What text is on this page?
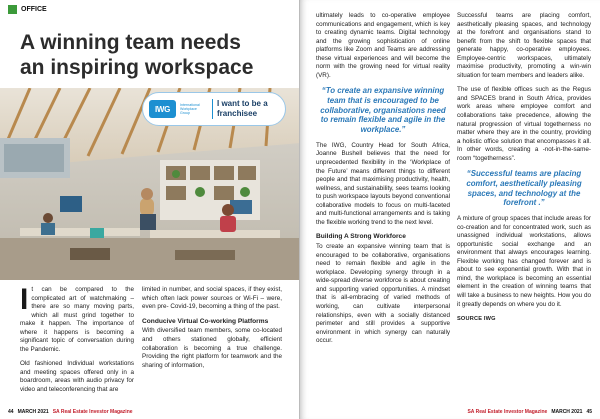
OFFICE
A winning team needs
an inspiring workspace
IWG	International
Workplace
Group
I want to be a
franchisee

It can be compared to the complicated art of watchmaking – there are so many moving parts, which all must grind together to make it happen. The importance of where it happens is becoming a significant topic of conversation during the Pandemic.

Old fashioned Individual workstations and meeting spaces offered only in a boardroom, areas with audio privacy for video and teleconferencing that are

limited in number, and social spaces, if they exist, which often lack power sources or Wi-Fi – were, even pre- Covid-19, becoming a thing of the past.

Conducive Virtual Co-working Platforms

With diversified team members, some co-located and others stationed globally, efficient collaboration is becoming a true challenge. Providing the right platform for teamwork and the sharing of information,

44 MARCH 2021 SA Real Estate Investor Magazine

ultimately leads to co-operative employee communications and engagement, which is key to creating dynamic teams. Digital technology and the growing sophistication of online platforms like Zoom and Teams are addressing these virtual experiences and will become the norm with the growing need for virtual reality (VR).

“To create an expansive winning team that is encouraged to be collaborative, organisations need to remain flexible and agile in the workplace.”

The IWG, Country Head for South Africa, Joanne Bushell believes that the need for unprecedented flexibility in the ‘Workplace of the Future’ means different things to different people and that maximising productivity, health, wellness, and sustainability, sees teams looking to push workspace layouts beyond conventional collaborative models to focus on multi-faceted and multi-functional arrangements and is taking the flexible working trend to the next level.

Building A Strong Workforce

To create an expansive winning team that is encouraged to be collaborative, organisations need to remain flexible and agile in the workplace. Developing synergy through in a wide-spread diverse workforce is about creating and supporting varied opportunities. A mindset that is all-embracing of varied methods of working, can cultivate interpersonal relationships, even with a socially distanced perimeter and still provides a supportive environment in which synergy can naturally occur.

Successful teams are placing comfort, aesthetically pleasing spaces, and technology at the forefront and organisations stand to benefit from the shift to flexible spaces that generate happy, co-operative employees. Employee-centric workspaces, ultimately maximise productivity, promoting a win-win situation for team members and leaders alike.

The use of flexible offices such as the Regus and SPACES brand in South Africa, provides work areas where employee comfort and collaborations take precedence, allowing the natural progression of virtual togetherness no matter where they are in the country, providing a holistic office solution that encompasses it all. In other words, creating a -not-in-the-same- room “togetherness”.

“Successful teams are placing comfort, aesthetically pleasing spaces, and technology at the forefront .”

A mixture of group spaces that include areas for co-creation and for concentrated work, such as unassigned individual workstations, allows opportunistic social exchange and an environment that always encourages learning. Flexible working has changed forever and is about to see exponential growth. With that in mind, the workplace is becoming an essential element in the creation of winning teams that will take a business to new heights. How you do it greatly depends on where you do it.

SOURCE IWG
SA Real Estate Investor Magazine MARCH 2021 45
